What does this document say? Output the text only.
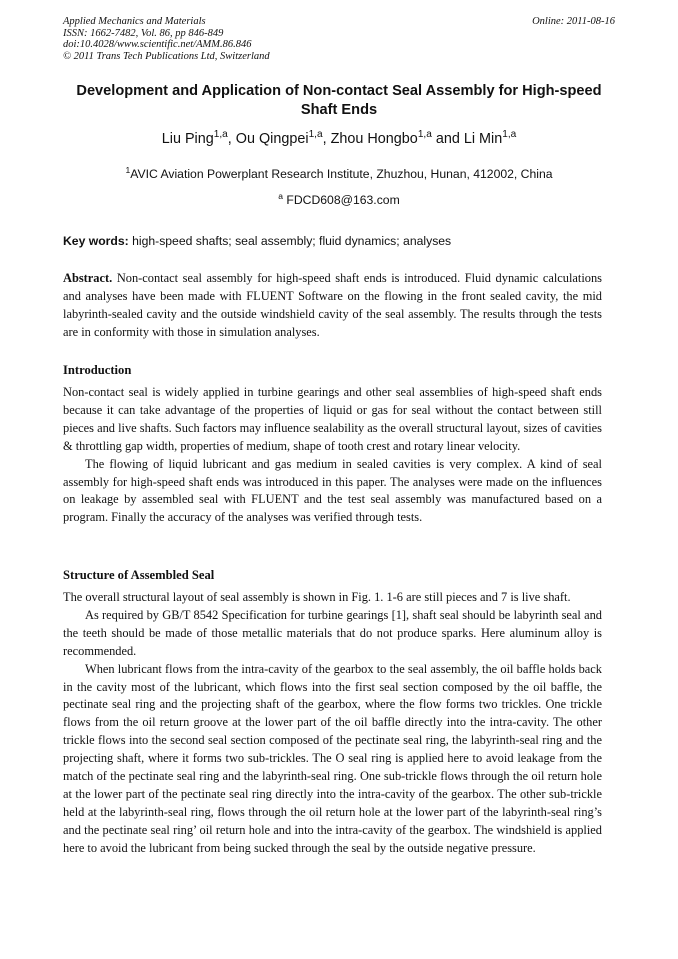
Applied Mechanics and Materials
ISSN: 1662-7482, Vol. 86, pp 846-849
doi:10.4028/www.scientific.net/AMM.86.846
© 2011 Trans Tech Publications Ltd, Switzerland
Online: 2011-08-16
Development and Application of Non-contact Seal Assembly for High-speed Shaft Ends
Liu Ping$^{1,a}$, Ou Qingpei$^{1,a}$, Zhou Hongbo$^{1,a}$ and Li Min$^{1,a}$
$^1$AVIC Aviation Powerplant Research Institute, Zhuzhou, Hunan, 412002, China
$^a$ FDCD608@163.com
Key words: high-speed shafts; seal assembly; fluid dynamics; analyses

Abstract. Non-contact seal assembly for high-speed shaft ends is introduced. Fluid dynamic calculations and analyses have been made with FLUENT Software on the flowing in the front sealed cavity, the mid labyrinth-sealed cavity and the outside windshield cavity of the seal assembly. The results through the tests are in conformity with those in simulation analyses.

Introduction

Non-contact seal is widely applied in turbine gearings and other seal assemblies of high-speed shaft ends because it can take advantage of the properties of liquid or gas for seal without the contact between still pieces and live shafts. Such factors may influence sealability as the overall structural layout, sizes of cavities & throttling gap width, properties of medium, shape of tooth crest and rotary linear velocity.

The flowing of liquid lubricant and gas medium in sealed cavities is very complex. A kind of seal assembly for high-speed shaft ends was introduced in this paper. The analyses were made on the influences on leakage by assembled seal with FLUENT and the test seal assembly was manufactured based on a program. Finally the accuracy of the analyses was verified through tests.

Structure of Assembled Seal

The overall structural layout of seal assembly is shown in Fig. 1. 1-6 are still pieces and 7 is live shaft.

As required by GB/T 8542 Specification for turbine gearings [1], shaft seal should be labyrinth seal and the teeth should be made of those metallic materials that do not produce sparks. Here aluminum alloy is recommended.

When lubricant flows from the intra-cavity of the gearbox to the seal assembly, the oil baffle holds back in the cavity most of the lubricant, which flows into the first seal section composed by the oil baffle, the pectinate seal ring and the projecting shaft of the gearbox, where the flow forms two trickles. One trickle flows from the oil return groove at the lower part of the oil baffle directly into the intra-cavity. The other trickle flows into the second seal section composed of the pectinate seal ring, the labyrinth-seal ring and the projecting shaft, where it forms two sub-trickles. The O seal ring is applied here to avoid leakage from the match of the pectinate seal ring and the labyrinth-seal ring. One sub-trickle flows through the oil return hole at the lower part of the pectinate seal ring directly into the intra-cavity of the gearbox. The other sub-trickle held at the labyrinth-seal ring, flows through the oil return hole at the lower part of the labyrinth-seal ring’s and the pectinate seal ring’ oil return hole and into the intra-cavity of the gearbox. The windshield is applied here to avoid the lubricant from being sucked through the seal by the outside negative pressure.
